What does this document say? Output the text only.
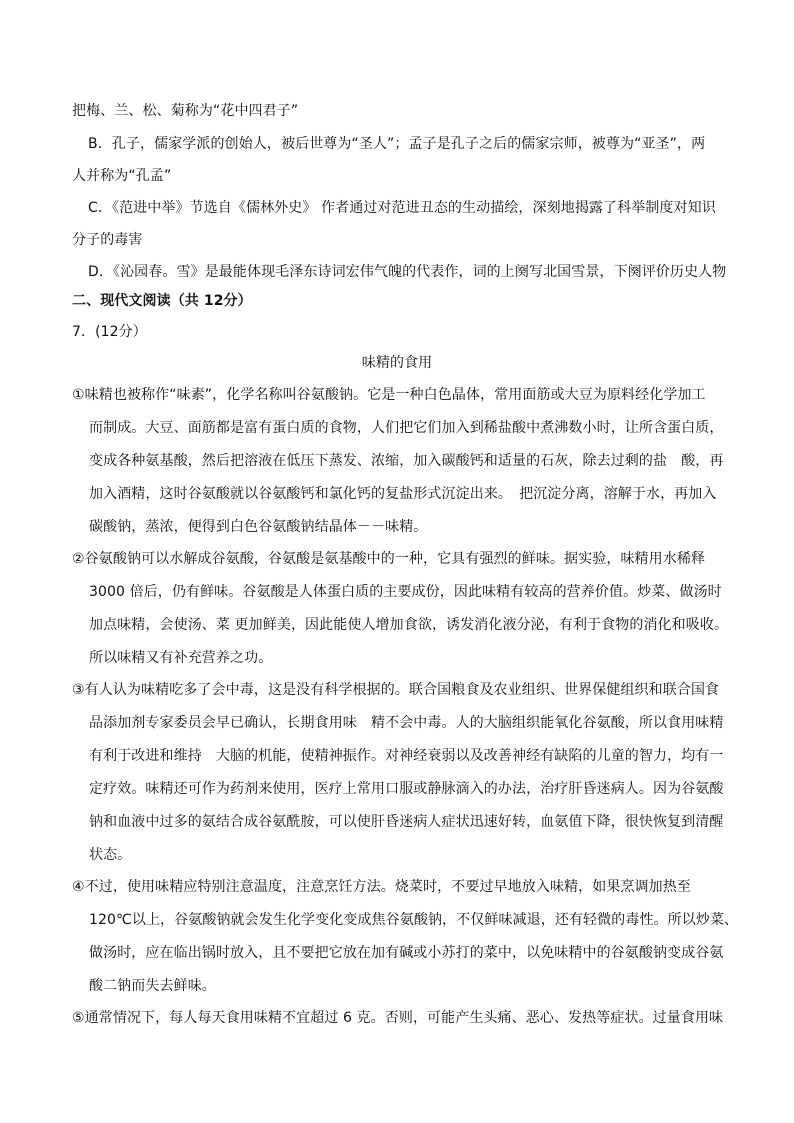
把梅、兰、松、菊称为“花中四君子”
B．孔子，儒家学派的创始人，被后世尊为“圣人”；孟子是孔子之后的儒家宗师，被尊为“亚圣”，两
人并称为“孔孟”
C．《范进中举》节选自《儒林外史》 作者通过对范进丑态的生动描绘，深刻地揭露了科举制度对知识
分子的毒害
D．《沁园春。雪》是最能体现毛泽东诗词宏伟气魄的代表作，词的上阕写北国雪景，下阕评价历史人物
二、现代文阅读（共 12分）
7．(12分）
味精的食用
①味精也被称作“味素”，化学名称叫谷氨酸钠。它是一种白色晶体，常用面筋或大豆为原料经化学加工
而制成。大豆、面筋都是富有蛋白质的食物，人们把它们加入到稀盐酸中煮沸数小时，让所含蛋白质，
变成各种氨基酸，然后把溶液在低压下蒸发、浓缩，加入碳酸钙和适量的石灰，除去过剩的盐　酸，再
加入酒精，这时谷氨酸就以谷氨酸钙和氯化钙的复盐形式沉淀出来。　把沉淀分离，溶解于水，再加入
碳酸钠，蒸浓，便得到白色谷氨酸钠结晶体－－味精。
②谷氨酸钠可以水解成谷氨酸，谷氨酸是氨基酸中的一种，它具有强烈的鲜味。据实验，味精用水稀释
3000 倍后，仍有鲜味。谷氨酸是人体蛋白质的主要成份，因此味精有较高的营养价值。炒菜、做汤时
加点味精，会使汤、菜 更加鲜美，因此能使人增加食欲，诱发消化液分泌，有利于食物的消化和吸收。
所以味精又有补充营养之功。
③有人认为味精吃多了会中毒，这是没有科学根据的。联合国粮食及农业组织、世界保健组织和联合国食
品添加剂专家委员会早已确认，长期食用味　精不会中毒。人的大脑组织能氧化谷氨酸，所以食用味精
有利于改进和维持　大脑的机能，使精神振作。对神经衰弱以及改善神经有缺陷的儿童的智力，均有一
定疗效。味精还可作为药剂来使用，医疗上常用口服或静脉滴入的办法，治疗肝昏迷病人。因为谷氨酸
钠和血液中过多的氨结合成谷氨酰胺，可以使肝昏迷病人症状迅速好转，血氨值下降，很快恢复到清醒
状态。
④不过，使用味精应特别注意温度，注意烹饪方法。烧菜时，不要过早地放入味精，如果烹调加热至
120℃以上，谷氨酸钠就会发生化学变化变成焦谷氨酸钠，不仅鲜味减退，还有轻微的毒性。所以炒菜、
做汤时，应在临出锅时放入，且不要把它放在加有碱或小苏打的菜中，以免味精中的谷氨酸钠变成谷氨
酸二钠而失去鲜味。
⑤通常情况下，每人每天食用味精不宜超过 6 克。否则，可能产生头痛、恶心、发热等症状。过量食用味
